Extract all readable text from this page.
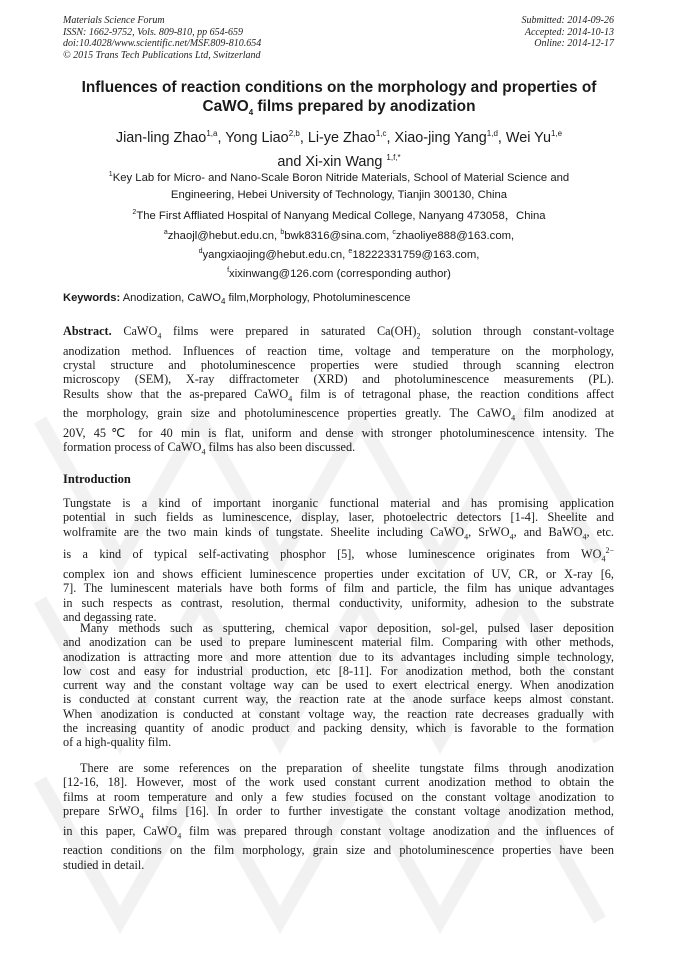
Materials Science Forum
ISSN: 1662-9752, Vols. 809-810, pp 654-659
doi:10.4028/www.scientific.net/MSF.809-810.654
© 2015 Trans Tech Publications Ltd, Switzerland
Submitted: 2014-09-26
Accepted: 2014-10-13
Online: 2014-12-17
Influences of reaction conditions on the morphology and properties of
CaWO$_4$ films prepared by anodization
Jian-ling Zhao$^{1,a}$, Yong Liao$^{2,b}$, Li-ye Zhao$^{1,c}$, Xiao-jing Yang$^{1,d}$, Wei Yu$^{1,e}$
and Xi-xin Wang $^{1,f,*}$
$^1$Key Lab for Micro- and Nano-Scale Boron Nitride Materials, School of Material Science and
Engineering, Hebei University of Technology, Tianjin 300130, China
$^2$The First Affliated Hospital of Nanyang Medical College, Nanyang 473058，China
$^a$zhaojl@hebut.edu.cn, $^b$bwk8316@sina.com, $^c$zhaoliye888@163.com,
$^d$yangxiaojing@hebut.edu.cn, $^e$18222331759@163.com,
$^f$xixinwang@126.com (corresponding author)
Keywords: Anodization, CaWO$_4$ film,Morphology, Photoluminescence
Abstract. CaWO$_4$ films were prepared in saturated $Ca(OH)_2$ solution through constant-voltage
anodization method. Influences of reaction time, voltage and temperature on the morphology,
crystal structure and photoluminescence properties were studied through scanning electron
microscopy (SEM), X-ray diffractometer (XRD) and photoluminescence measurements (PL).
Results show that the as-prepared CaWO$_4$ film is of tetragonal phase, the reaction conditions affect
the morphology, grain size and photoluminescence properties greatly. The CaWO$_4$ film anodized at
20V, 45℃ for 40 min is flat, uniform and dense with stronger photoluminescence intensity. The
formation process of CaWO$_4$ films has also been discussed.
Introduction
Tungstate is a kind of important inorganic functional material and has promising application
potential in such fields as luminescence, display, laser, photoelectric detectors [1-4]. Sheelite and
wolframite are the two main kinds of tungstate. Sheelite including CaWO$_4$, SrWO$_4$, and BaWO$_4$, etc.
is a kind of typical self-activating phosphor [5], whose luminescence originates from $WO_4^{2-}$
complex ion and shows efficient luminescence properties under excitation of UV, CR, or X-ray [6,
7]. The luminescent materials have both forms of film and particle, the film has unique advantages
in such respects as contrast, resolution, thermal conductivity, uniformity, adhesion to the substrate
and degassing rate.
Many methods such as sputtering, chemical vapor deposition, sol-gel, pulsed laser deposition
and anodization can be used to prepare luminescent material film. Comparing with other methods,
anodization is attracting more and more attention due to its advantages including simple technology,
low cost and easy for industrial production, etc [8-11]. For anodization method, both the constant
current way and the constant voltage way can be used to exert electrical energy. When anodization
is conducted at constant current way, the reaction rate at the anode surface keeps almost constant.
When anodization is conducted at constant voltage way, the reaction rate decreases gradually with
the increasing quantity of anodic product and packing density, which is favorable to the formation
of a high-quality film.
There are some references on the preparation of sheelite tungstate films through anodization
[12-16, 18]. However, most of the work used constant current anodization method to obtain the
films at room temperature and only a few studies focused on the constant voltage anodization to
prepare SrWO$_4$ films [16]. In order to further investigate the constant voltage anodization method,
in this paper, CaWO$_4$ film was prepared through constant voltage anodization and the influences of
reaction conditions on the film morphology, grain size and photoluminescence properties have been
studied in detail.
